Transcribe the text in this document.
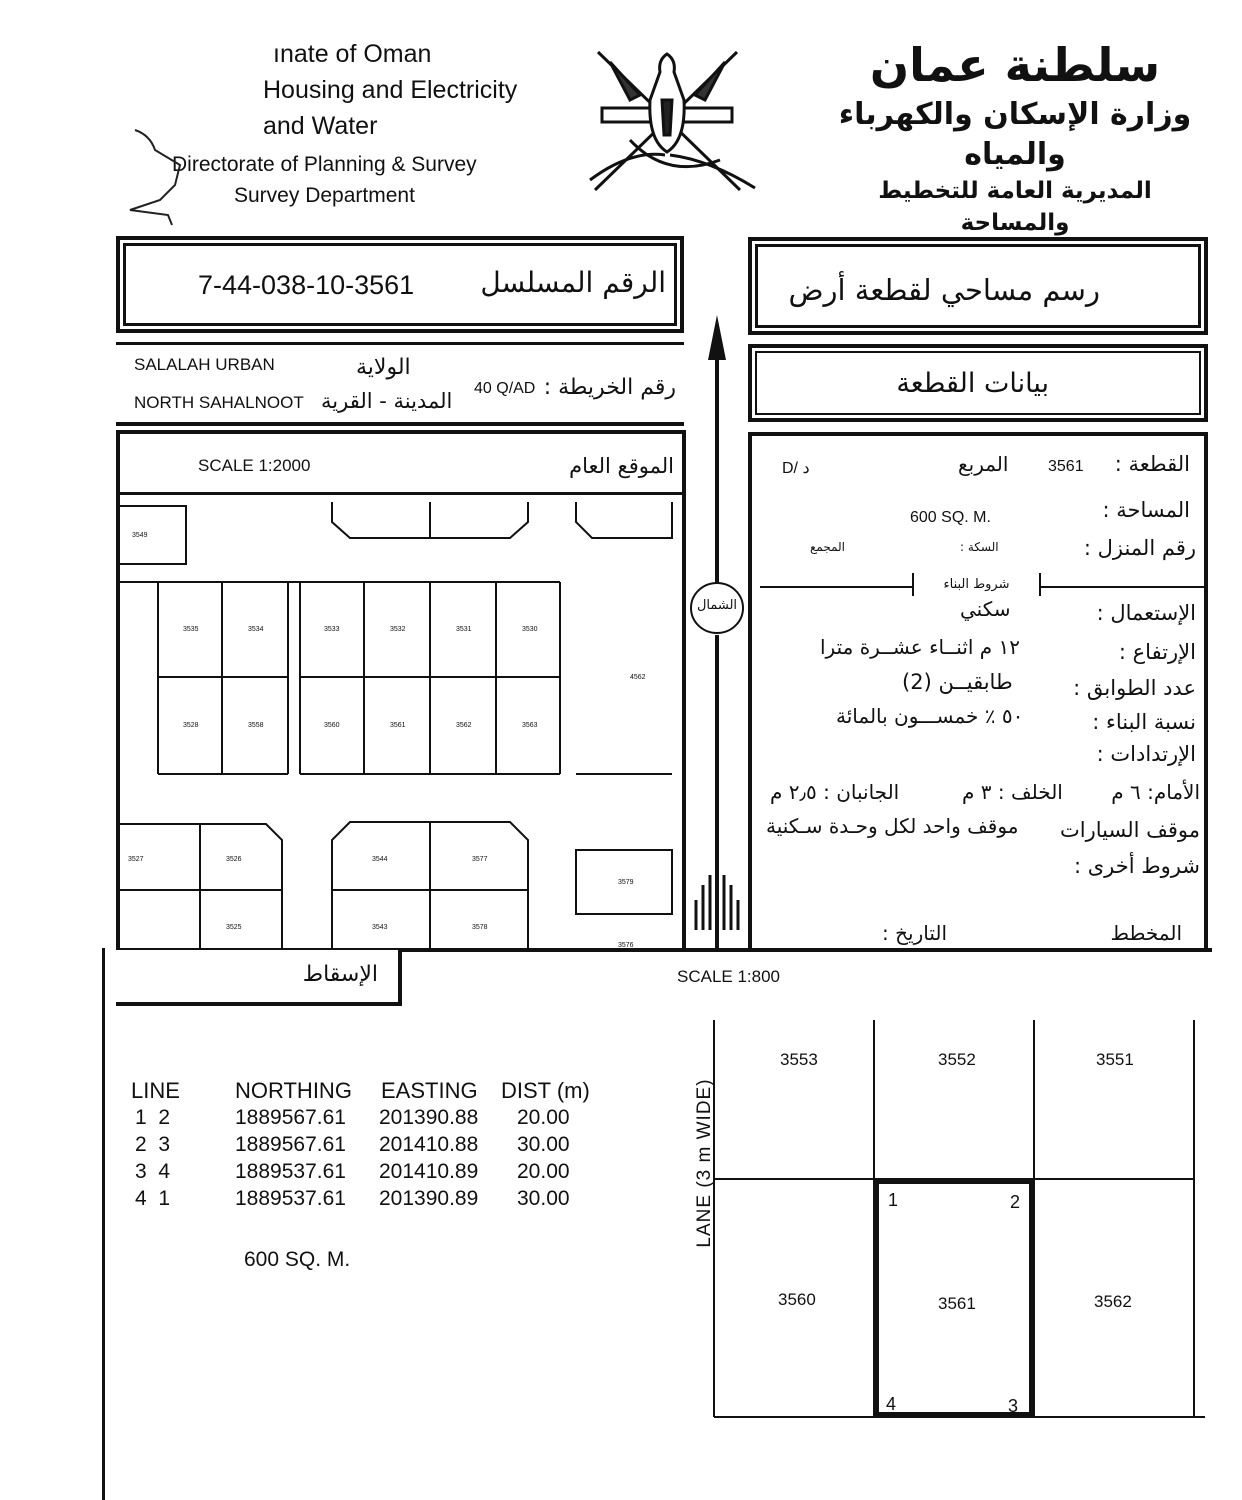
ınate of Oman
Housing and Electricity
and Water
Directorate of Planning & Survey
Survey Department
سلطنة عمان
وزارة الإسكان والكهرباء والمياه
المديرية العامة للتخطيط والمساحة
7-44-038-10-3561 الرقم المسلسل	رسم مساحي لقطعة أرض
الشمال
SALALAH URBAN	الولاية
NORTH SAHALNOOT المدينة - القرية
40 Q/AD رقم الخريطة :	بيانات القطعة
SCALE 1:2000	الموقع العام
3549
3535	3534	3533	3532	3531	3530
3528	3558	3560	3561	3562	3563
4562
3527	3526
3525
3544
3543
3577
3578
3579
3576
القطعة :
3561
المربع
D/ د
المساحة :
600 SQ. M.
رقم المنزل :
السكة :
المجمع
شروط البناء
الإستعمال :
سكني
الإرتفاع :
١٢ م اثنــاء عشــرة مترا
عدد الطوابق :
طابقيــن (2)
نسبة البناء :
٥٠ ٪ خمســـون بالمائة
الإرتدادات :
الأمام: ٦ م
الخلف : ٣ م
الجانبان : ٢٫٥ م
موقف السيارات
موقف واحد لكل وحـدة سـكنية
شروط أخرى :
المخطط
التاريخ :
الإسقاط	SCALE 1:800
LINE	NORTHING EASTING DIST (m)
1  2	1889567.61 201390.88 20.00
2  3	1889567.61 201410.88 30.00
3  4	1889537.61 201410.89 20.00
4  1	1889537.61 201390.89 30.00
600 SQ. M.
LANE (3 m WIDE)
3553	3552	3551
3560	3561	3562
1	2
3
4
